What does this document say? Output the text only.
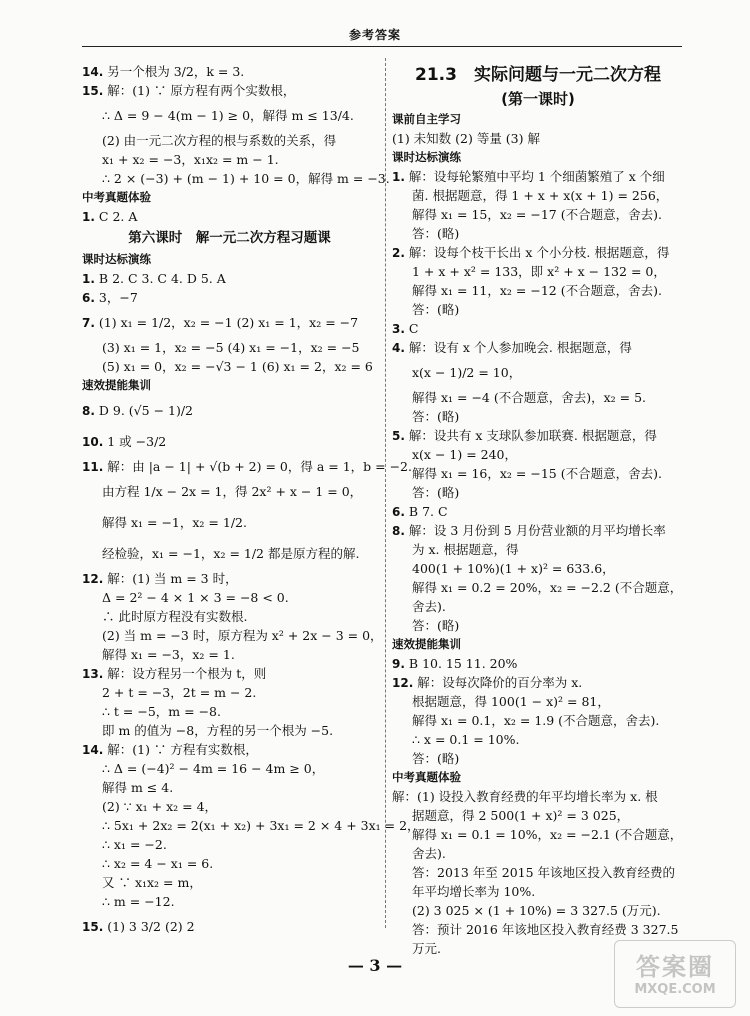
参考答案
14. 另一个根为 3/2，k = 3.
15. 解：(1) ∵ 原方程有两个实数根，
∴ Δ = 9 − 4(m − 1) ≥ 0，解得 m ≤ 13/4.
(2) 由一元二次方程的根与系数的关系，得
x₁ + x₂ = −3，x₁x₂ = m − 1.
∴ 2 × (−3) + (m − 1) + 10 = 0，解得 m = −3.
中考真题体验
1. C 2. A
第六课时　解一元二次方程习题课
课时达标演练
1. B 2. C 3. C 4. D 5. A
6. 3，−7
7. (1) x₁ = 1/2，x₂ = −1 (2) x₁ = 1，x₂ = −7
(3) x₁ = 1，x₂ = −5 (4) x₁ = −1，x₂ = −5
(5) x₁ = 0，x₂ = −√3 − 1 (6) x₁ = 2，x₂ = 6
速效提能集训
8. D 9. (√5 − 1)/2
10. 1 或 −3/2
11. 解：由 |a − 1| + √(b + 2) = 0，得 a = 1，b = −2.
由方程 1/x − 2x = 1，得 2x² + x − 1 = 0，
解得 x₁ = −1，x₂ = 1/2.
经检验，x₁ = −1，x₂ = 1/2 都是原方程的解.
12. 解：(1) 当 m = 3 时，
Δ = 2² − 4 × 1 × 3 = −8 < 0.
∴ 此时原方程没有实数根.
(2) 当 m = −3 时，原方程为 x² + 2x − 3 = 0，
解得 x₁ = −3，x₂ = 1.
13. 解：设方程另一个根为 t，则
2 + t = −3，2t = m − 2.
∴ t = −5，m = −8.
即 m 的值为 −8，方程的另一个根为 −5.
14. 解：(1) ∵ 方程有实数根，
∴ Δ = (−4)² − 4m = 16 − 4m ≥ 0，
解得 m ≤ 4.
(2) ∵ x₁ + x₂ = 4，
∴ 5x₁ + 2x₂ = 2(x₁ + x₂) + 3x₁ = 2 × 4 + 3x₁ = 2，
∴ x₁ = −2.
∴ x₂ = 4 − x₁ = 6.
又 ∵ x₁x₂ = m，
∴ m = −12.
15. (1) 3 3/2 (2) 2
21.3　实际问题与一元二次方程
(第一课时)
课前自主学习
(1) 未知数 (2) 等量 (3) 解
课时达标演练
1. 解：设每轮繁殖中平均 1 个细菌繁殖了 x 个细
菌. 根据题意，得 1 + x + x(x + 1) = 256，
解得 x₁ = 15，x₂ = −17 (不合题意，舍去).
答：(略)
2. 解：设每个枝干长出 x 个小分枝. 根据题意，得
1 + x + x² = 133，即 x² + x − 132 = 0，
解得 x₁ = 11，x₂ = −12 (不合题意，舍去).
答：(略)
3. C
4. 解：设有 x 个人参加晚会. 根据题意，得
x(x − 1)/2 = 10，
解得 x₁ = −4 (不合题意，舍去)，x₂ = 5.
答：(略)
5. 解：设共有 x 支球队参加联赛. 根据题意，得
x(x − 1) = 240，
解得 x₁ = 16，x₂ = −15 (不合题意，舍去).
答：(略)
6. B 7. C
8. 解：设 3 月份到 5 月份营业额的月平均增长率
为 x. 根据题意，得
400(1 + 10%)(1 + x)² = 633.6，
解得 x₁ = 0.2 = 20%，x₂ = −2.2 (不合题意，
舍去).
答：(略)
速效提能集训
9. B 10. 15 11. 20%
12. 解：设每次降价的百分率为 x.
根据题意，得 100(1 − x)² = 81，
解得 x₁ = 0.1，x₂ = 1.9 (不合题意，舍去).
∴ x = 0.1 = 10%.
答：(略)
中考真题体验
解：(1) 设投入教育经费的年平均增长率为 x. 根
据题意，得 2 500(1 + x)² = 3 025，
解得 x₁ = 0.1 = 10%，x₂ = −2.1 (不合题意，
舍去).
答：2013 年至 2015 年该地区投入教育经费的
年平均增长率为 10%.
(2) 3 025 × (1 + 10%) = 3 327.5 (万元).
答：预计 2016 年该地区投入教育经费 3 327.5
万元.
— 3 —	答案圈
MXQE.COM
